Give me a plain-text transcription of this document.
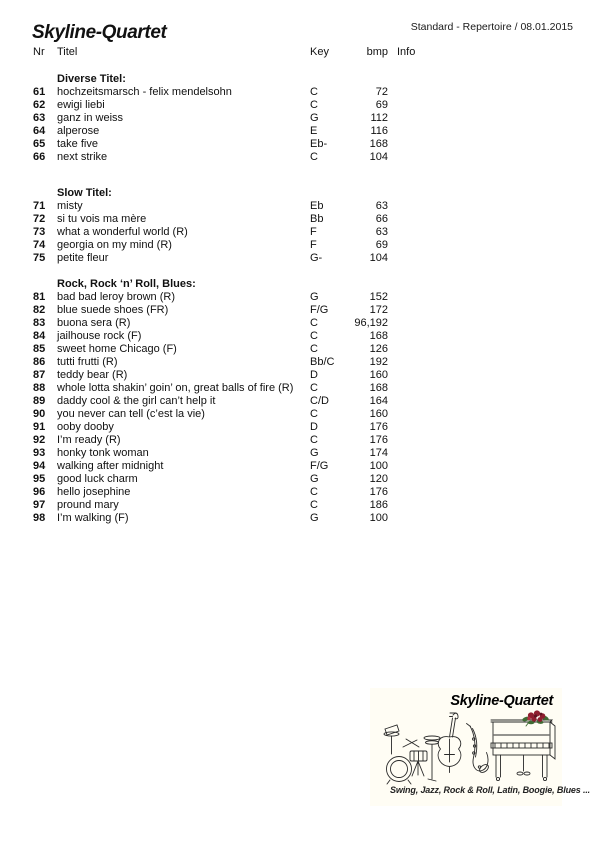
Skyline-Quartet	Standard - Repertoire / 08.01.2015
Nr	Titel	Key	bmp Info
Diverse Titel:
61	hochzeitsmarsch - felix mendelsohn	C	72
62	ewigi liebi	C	69
63	ganz in weiss	G	112
64	alperose	E	116
65	take five	Eb-	168
66	next strike	C	104
Slow Titel:
71	misty	Eb	63
72	si tu vois ma mère	Bb	66
73	what a wonderful world (R)	F	63
74	georgia on my mind (R)	F	69
75	petite fleur	G-	104
Rock, Rock ‘n’ Roll, Blues:
81	bad bad leroy brown (R)	G	152
82	blue suede shoes (FR)	F/G	172
83	buona sera (R)	C	96,192
84	jailhouse rock (F)	C	168
85	sweet home Chicago (F)	C	126
86	tutti frutti (R)	Bb/C	192
87	teddy bear (R)	D	160
88	whole lotta shakin’ goin’ on, great balls of fire (R)	C	168
89	daddy cool & the girl can’t help it	C/D	164
90	you never can tell (c’est la vie)	C	160
91	ooby dooby	D	176
92	I’m ready (R)	C	176
93	honky tonk woman	G	174
94	walking after midnight	F/G	100
95	good luck charm	G	120
96	hello josephine	C	176
97	pround mary	C	186
98	I’m walking (F)	G	100
Skyline-Quartet
Swing, Jazz, Rock & Roll, Latin, Boogie, Blues ...
